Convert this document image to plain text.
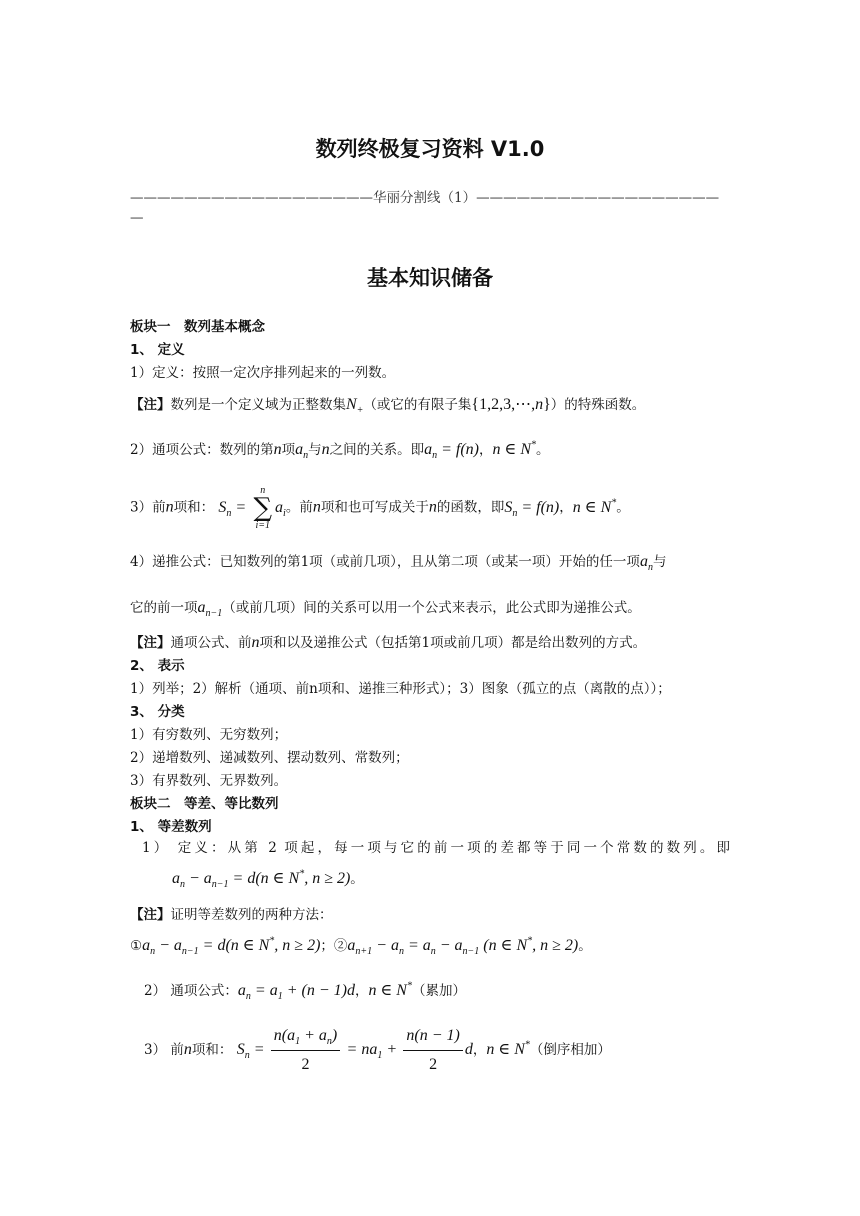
数列终极复习资料 V1.0
——————————————————华丽分割线（1）——————————————————
—
基本知识储备
板块一　数列基本概念
1、 定义
1）定义：按照一定次序排列起来的一列数。
【注】数列是一个定义域为正整数集$N_+$（或它的有限子集{1,2,3,⋯,n}）的特殊函数。
2）通项公式：数列的第n项$a_n$与n之间的关系。即$a_n = f(n)$，n ∈ N*。
3）前n项和： $S_n$ =
n
∑
i=1
$a_i$。前n项和也可写成关于n的函数，即$S_n = f(n)$，n ∈ N*。
4）递推公式：已知数列的第1项（或前几项），且从第二项（或某一项）开始的任一项$a_n$与
它的前一项$a_{n-1}$（或前几项）间的关系可以用一个公式来表示，此公式即为递推公式。
【注】通项公式、前n项和以及递推公式（包括第1项或前几项）都是给出数列的方式。
2、 表示
1）列举；2）解析（通项、前n项和、递推三种形式）；3）图象（孤立的点（离散的点））；
3、 分类
1）有穷数列、无穷数列；
2）递增数列、递减数列、摆动数列、常数列；
3）有界数列、无界数列。
板块二　等差、等比数列
1、 等差数列
1） 定义：从第 2 项起，每一项与它的前一项的差都等于同一个常数的数列。即
$a_n - a_{n-1} = d(n$ ∈ N*, n ≥ 2)。
【注】证明等差数列的两种方法：
$①a_n - a_{n-1} = d(n$ ∈ N*, n ≥ 2)；$②a_{n+1} - a_n = a_n - a_{n-1}$ (n ∈ N*, n ≥ 2)。
2） 通项公式：$a_n = a_1 + (n - 1)d$，n ∈ N*（累加）
3） 前n项和： $S_n = \frac{n(a_1 + a_n)}{2} = na_1 + \frac{n(n - 1)}{2}$ d，n ∈ N*（倒序相加）
